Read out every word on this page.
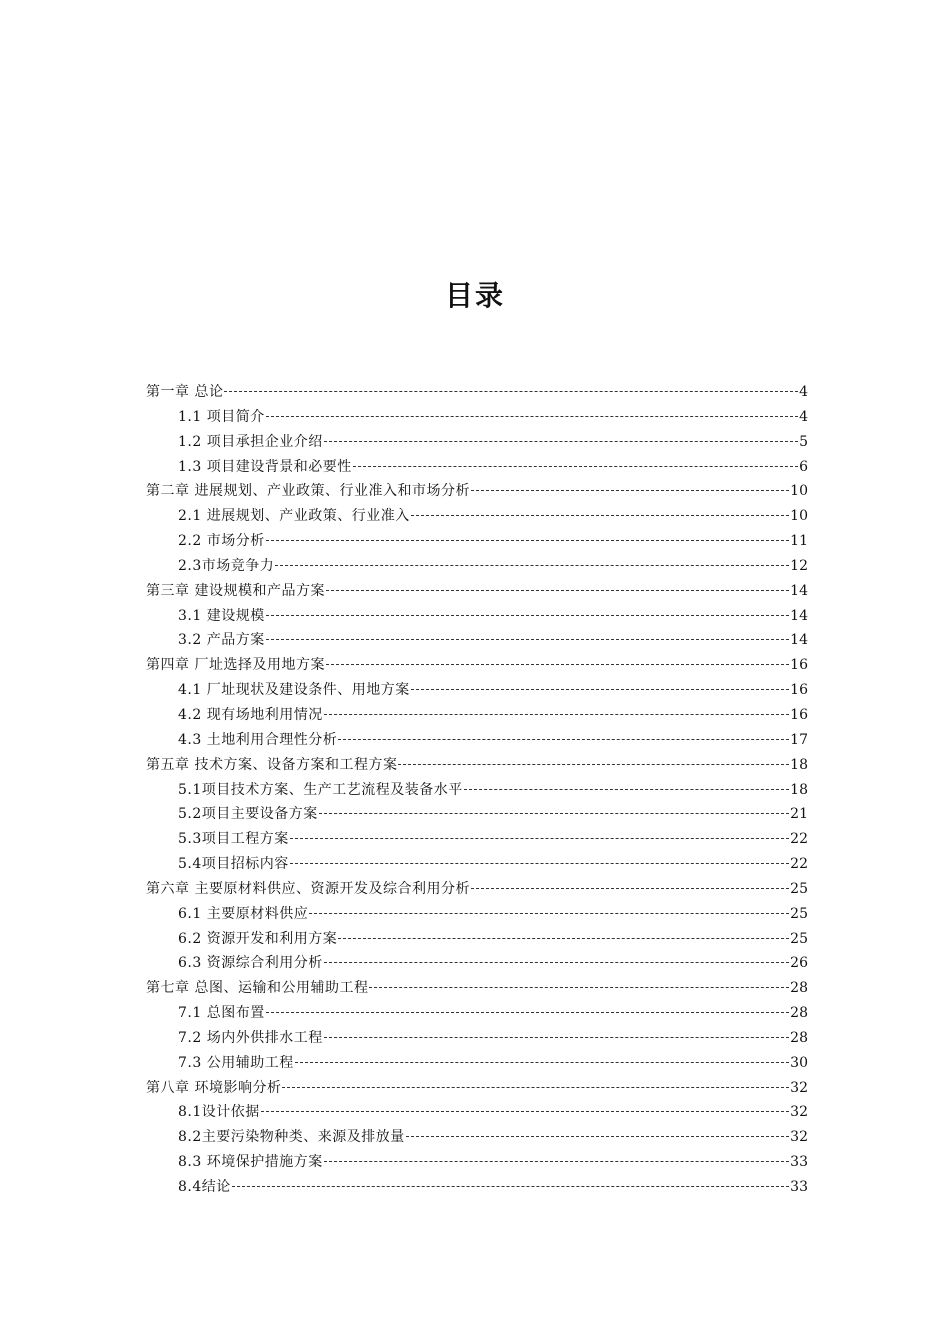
目录
第一章 总论	4
1.1 项目简介	4
1.2 项目承担企业介绍	5
1.3 项目建设背景和必要性	6
第二章 进展规划、产业政策、行业准入和市场分析	10
2.1 进展规划、产业政策、行业准入	10
2.2 市场分析	11
2.3市场竞争力	12
第三章 建设规模和产品方案	14
3.1 建设规模	14
3.2 产品方案	14
第四章 厂址选择及用地方案	16
4.1 厂址现状及建设条件、用地方案	16
4.2 现有场地利用情况	16
4.3 土地利用合理性分析	17
第五章 技术方案、设备方案和工程方案	18
5.1项目技术方案、生产工艺流程及装备水平	18
5.2项目主要设备方案	21
5.3项目工程方案	22
5.4项目招标内容	22
第六章 主要原材料供应、资源开发及综合利用分析	25
6.1 主要原材料供应	25
6.2 资源开发和利用方案	25
6.3 资源综合利用分析	26
第七章 总图、运输和公用辅助工程	28
7.1 总图布置	28
7.2 场内外供排水工程	28
7.3 公用辅助工程	30
第八章 环境影响分析	32
8.1设计依据	32
8.2主要污染物种类、来源及排放量	32
8.3 环境保护措施方案	33
8.4结论	33
